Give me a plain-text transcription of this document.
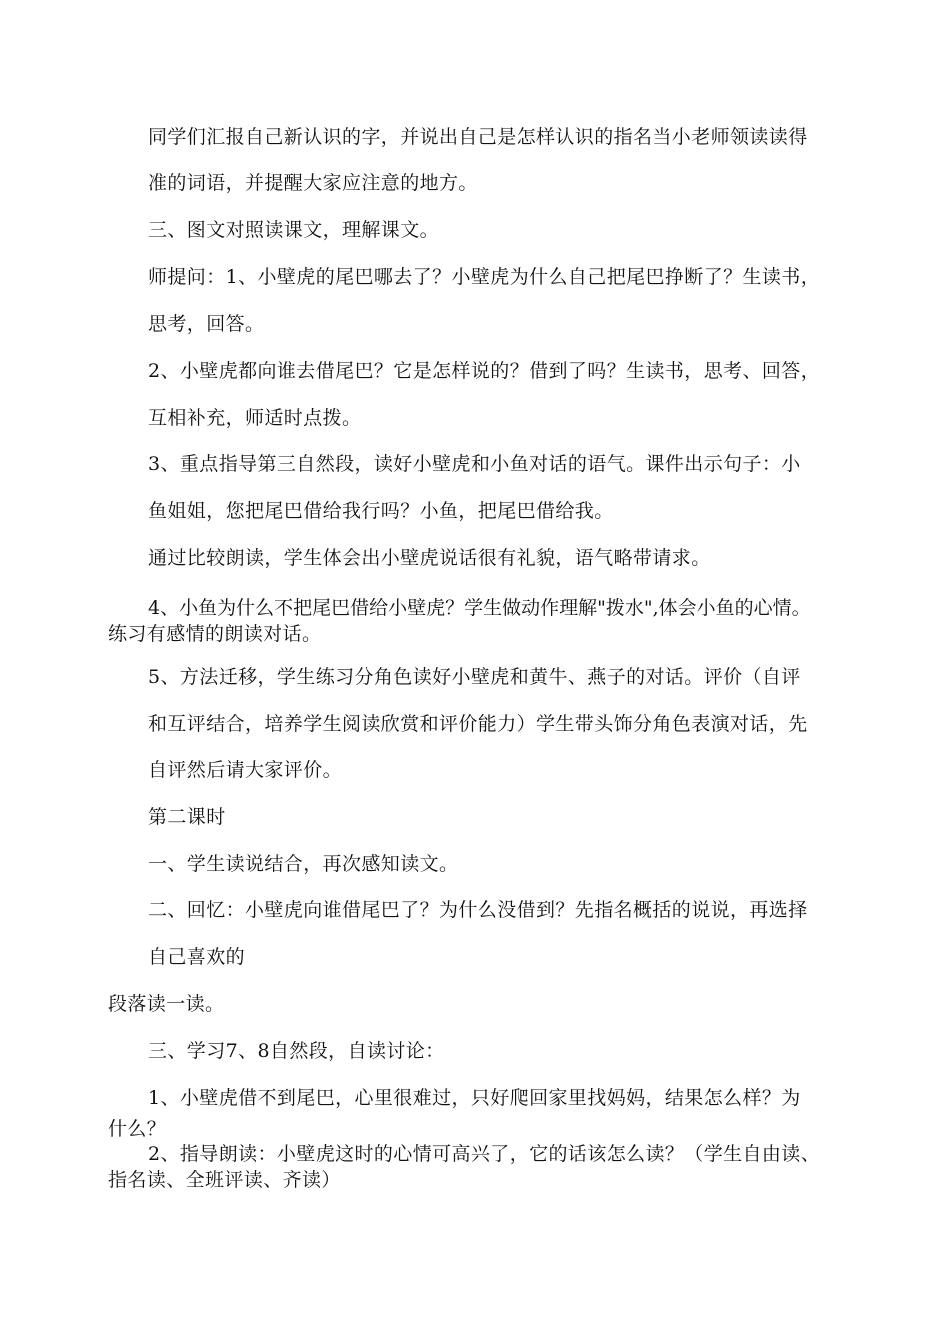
同学们汇报自己新认识的字，并说出自己是怎样认识的指名当小老师领读读得
准的词语，并提醒大家应注意的地方。
三、图文对照读课文，理解课文。
师提问：1、小壁虎的尾巴哪去了？小壁虎为什么自己把尾巴挣断了？生读书，
思考，回答。
2、小壁虎都向谁去借尾巴？它是怎样说的？借到了吗？生读书，思考、回答，
互相补充，师适时点拨。
3、重点指导第三自然段，读好小壁虎和小鱼对话的语气。课件出示句子：小
鱼姐姐，您把尾巴借给我行吗？小鱼，把尾巴借给我。
通过比较朗读，学生体会出小壁虎说话很有礼貌，语气略带请求。
4、小鱼为什么不把尾巴借给小壁虎？学生做动作理解"拨水",体会小鱼的心情。
练习有感情的朗读对话。
5、方法迁移，学生练习分角色读好小壁虎和黄牛、燕子的对话。评价（自评
和互评结合，培养学生阅读欣赏和评价能力）学生带头饰分角色表演对话，先
自评然后请大家评价。
第二课时
一、学生读说结合，再次感知读文。
二、回忆：小壁虎向谁借尾巴了？为什么没借到？先指名概括的说说，再选择
自己喜欢的
段落读一读。
三、学习7、8自然段，自读讨论：
1、小壁虎借不到尾巴，心里很难过，只好爬回家里找妈妈，结果怎么样？为
什么？
2、指导朗读：小壁虎这时的心情可高兴了，它的话该怎么读？（学生自由读、
指名读、全班评读、齐读）
